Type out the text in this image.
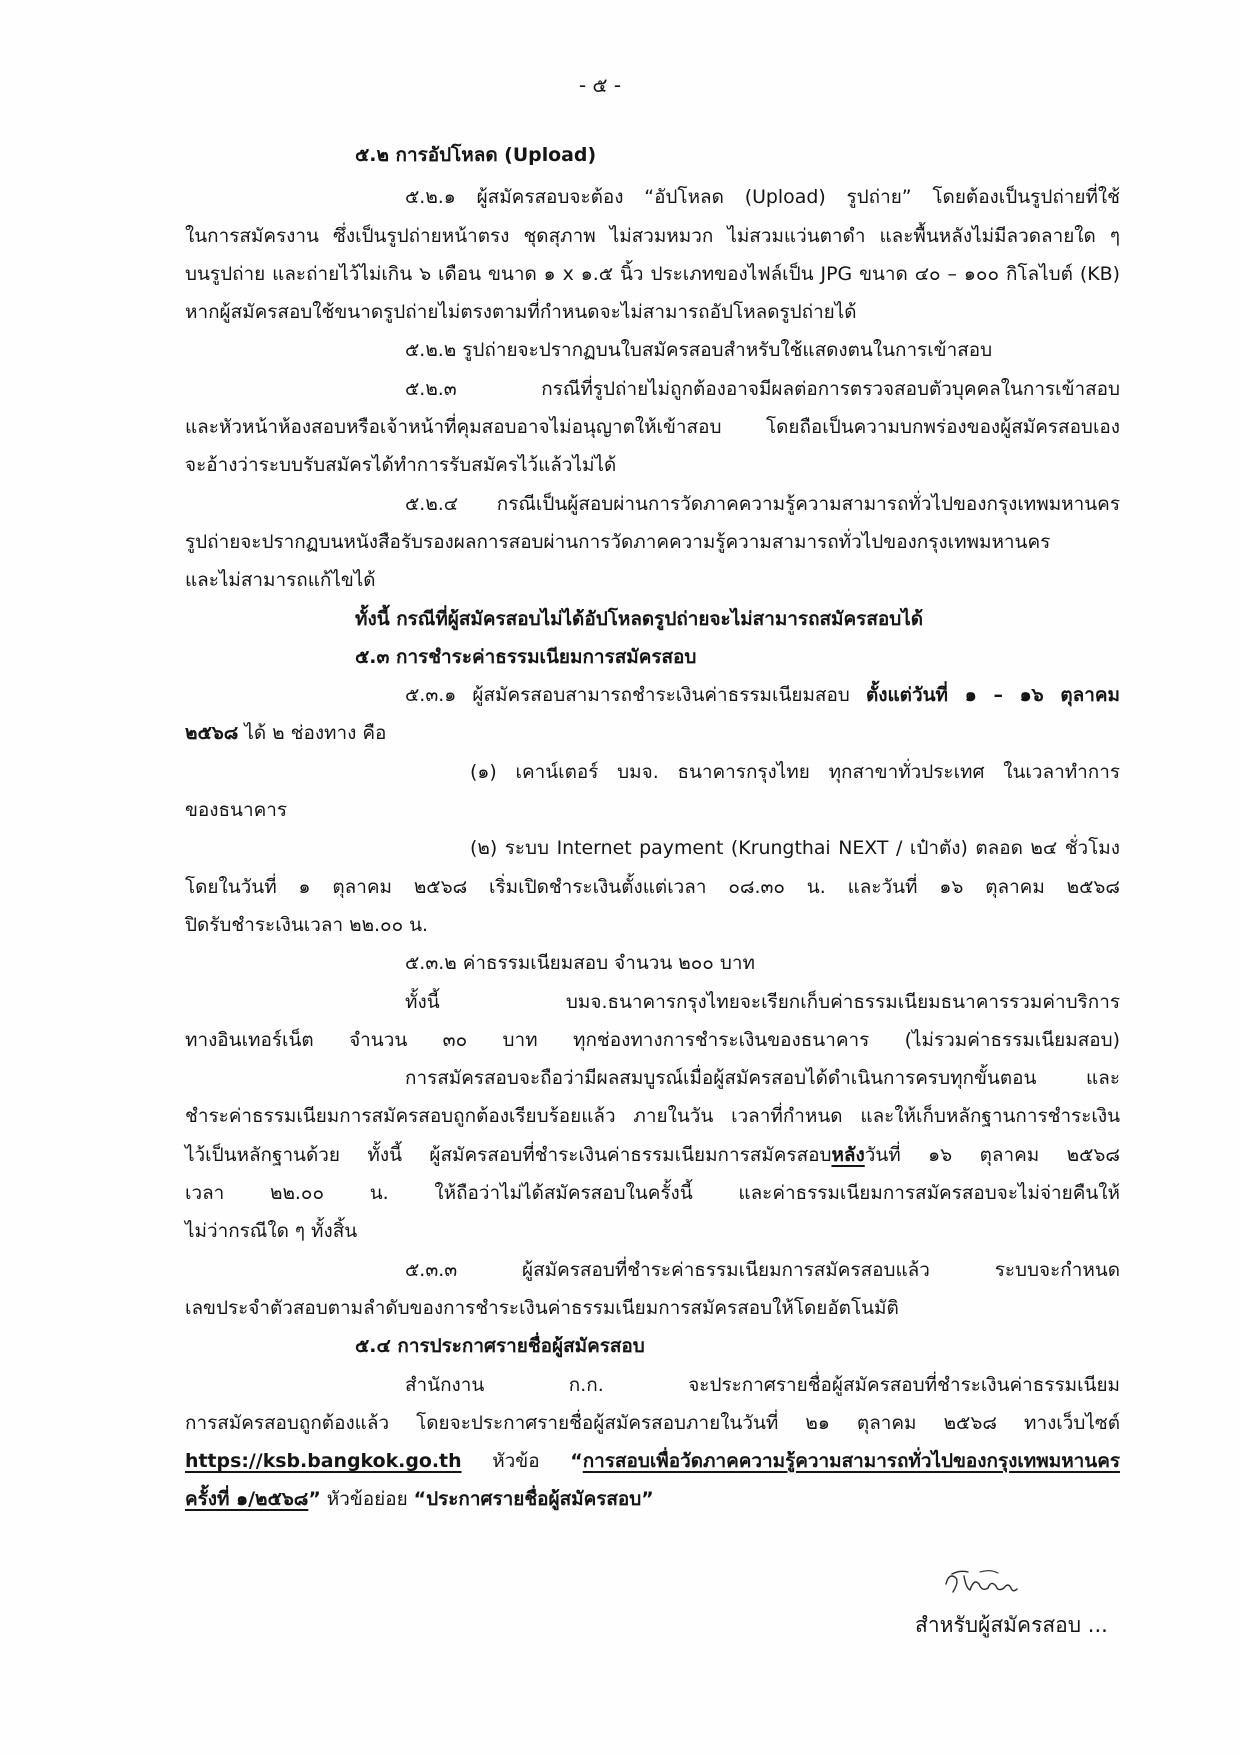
- ๕ -
๕.๒ การอัปโหลด (Upload)
๕.๒.๑ ผู้สมัครสอบจะต้อง “อัปโหลด (Upload) รูปถ่าย” โดยต้องเป็นรูปถ่ายที่ใช้
ในการสมัครงาน ซึ่งเป็นรูปถ่ายหน้าตรง ชุดสุภาพ ไม่สวมหมวก ไม่สวมแว่นตาดำ และพื้นหลังไม่มีลวดลายใด ๆ
บนรูปถ่าย และถ่ายไว้ไม่เกิน ๖ เดือน ขนาด ๑ x ๑.๕ นิ้ว ประเภทของไฟล์เป็น JPG ขนาด ๔๐ – ๑๐๐ กิโลไบต์ (KB)
หากผู้สมัครสอบใช้ขนาดรูปถ่ายไม่ตรงตามที่กำหนดจะไม่สามารถอัปโหลดรูปถ่ายได้
๕.๒.๒ รูปถ่ายจะปรากฏบนใบสมัครสอบสำหรับใช้แสดงตนในการเข้าสอบ
๕.๒.๓ กรณีที่รูปถ่ายไม่ถูกต้องอาจมีผลต่อการตรวจสอบตัวบุคคลในการเข้าสอบ
และหัวหน้าห้องสอบหรือเจ้าหน้าที่คุมสอบอาจไม่อนุญาตให้เข้าสอบ โดยถือเป็นความบกพร่องของผู้สมัครสอบเอง
จะอ้างว่าระบบรับสมัครได้ทำการรับสมัครไว้แล้วไม่ได้
๕.๒.๔ กรณีเป็นผู้สอบผ่านการวัดภาคความรู้ความสามารถทั่วไปของกรุงเทพมหานคร
รูปถ่ายจะปรากฏบนหนังสือรับรองผลการสอบผ่านการวัดภาคความรู้ความสามารถทั่วไปของกรุงเทพมหานคร
และไม่สามารถแก้ไขได้
ทั้งนี้ กรณีที่ผู้สมัครสอบไม่ได้อัปโหลดรูปถ่ายจะไม่สามารถสมัครสอบได้
๕.๓ การชำระค่าธรรมเนียมการสมัครสอบ
๕.๓.๑ ผู้สมัครสอบสามารถชำระเงินค่าธรรมเนียมสอบ ตั้งแต่วันที่ ๑ – ๑๖ ตุลาคม
๒๕๖๘ ได้ ๒ ช่องทาง คือ
(๑) เคาน์เตอร์ บมจ. ธนาคารกรุงไทย ทุกสาขาทั่วประเทศ ในเวลาทำการ
ของธนาคาร
(๒) ระบบ Internet payment (Krungthai NEXT / เป๋าตัง) ตลอด ๒๔ ชั่วโมง
โดยในวันที่ ๑ ตุลาคม ๒๕๖๘ เริ่มเปิดชำระเงินตั้งแต่เวลา ๐๘.๓๐ น. และวันที่ ๑๖ ตุลาคม ๒๕๖๘
ปิดรับชำระเงินเวลา ๒๒.๐๐ น.
๕.๓.๒ ค่าธรรมเนียมสอบ จำนวน ๒๐๐ บาท
ทั้งนี้ บมจ.ธนาคารกรุงไทยจะเรียกเก็บค่าธรรมเนียมธนาคารรวมค่าบริการ
ทางอินเทอร์เน็ต จำนวน ๓๐ บาท ทุกช่องทางการชำระเงินของธนาคาร (ไม่รวมค่าธรรมเนียมสอบ)
การสมัครสอบจะถือว่ามีผลสมบูรณ์เมื่อผู้สมัครสอบได้ดำเนินการครบทุกขั้นตอน และ
ชำระค่าธรรมเนียมการสมัครสอบถูกต้องเรียบร้อยแล้ว ภายในวัน เวลาที่กำหนด และให้เก็บหลักฐานการชำระเงิน
ไว้เป็นหลักฐานด้วย ทั้งนี้ ผู้สมัครสอบที่ชำระเงินค่าธรรมเนียมการสมัครสอบหลังวันที่ ๑๖ ตุลาคม ๒๕๖๘
เวลา ๒๒.๐๐ น. ให้ถือว่าไม่ได้สมัครสอบในครั้งนี้ และค่าธรรมเนียมการสมัครสอบจะไม่จ่ายคืนให้
ไม่ว่ากรณีใด ๆ ทั้งสิ้น
๕.๓.๓ ผู้สมัครสอบที่ชำระค่าธรรมเนียมการสมัครสอบแล้ว ระบบจะกำหนด
เลขประจำตัวสอบตามลำดับของการชำระเงินค่าธรรมเนียมการสมัครสอบให้โดยอัตโนมัติ
๕.๔ การประกาศรายชื่อผู้สมัครสอบ
สำนักงาน ก.ก. จะประกาศรายชื่อผู้สมัครสอบที่ชำระเงินค่าธรรมเนียม
การสมัครสอบถูกต้องแล้ว โดยจะประกาศรายชื่อผู้สมัครสอบภายในวันที่ ๒๑ ตุลาคม ๒๕๖๘ ทางเว็บไซต์
https://ksb.bangkok.go.th หัวข้อ “การสอบเพื่อวัดภาคความรู้ความสามารถทั่วไปของกรุงเทพมหานคร
ครั้งที่ ๑/๒๕๖๘” หัวข้อย่อย “ประกาศรายชื่อผู้สมัครสอบ”
สำหรับผู้สมัครสอบ ...
